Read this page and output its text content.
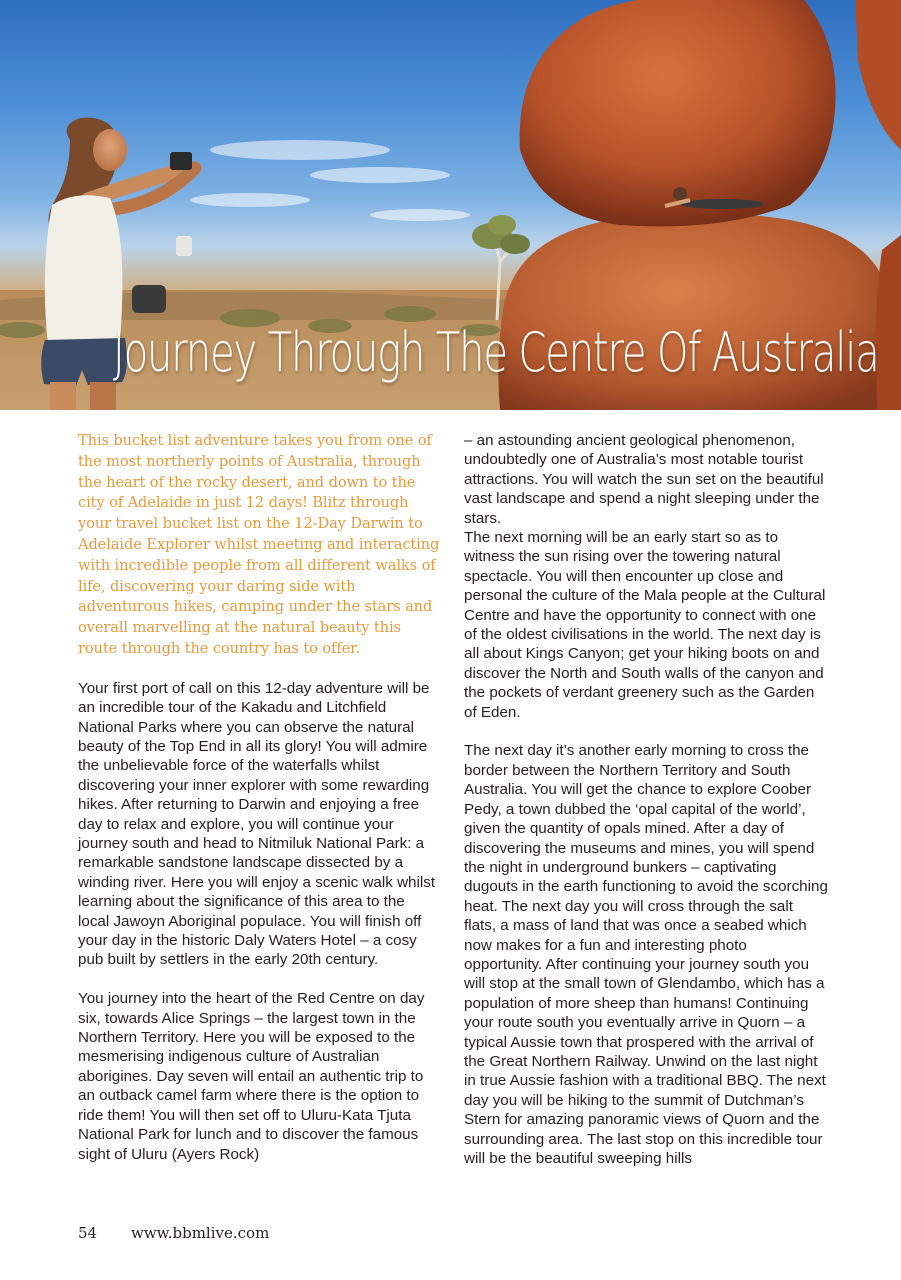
Journey Through The Centre Of Australia

This bucket list adventure takes you from one of the most northerly points of Australia, through the heart of the rocky desert, and down to the city of Adelaide in just 12 days! Blitz through your travel bucket list on the 12-Day Darwin to Adelaide Explorer whilst meeting and interacting with incredible people from all different walks of life, discovering your daring side with adventurous hikes, camping under the stars and overall marvelling at the natural beauty this route through the country has to offer.

Your first port of call on this 12-day adventure will be an incredible tour of the Kakadu and Litchfield National Parks where you can observe the natural beauty of the Top End in all its glory! You will admire the unbelievable force of the waterfalls whilst discovering your inner explorer with some rewarding hikes. After returning to Darwin and enjoying a free day to relax and explore, you will continue your journey south and head to Nitmiluk National Park: a remarkable sandstone landscape dissected by a winding river. Here you will enjoy a scenic walk whilst learning about the significance of this area to the local Jawoyn Aboriginal populace. You will finish off your day in the historic Daly Waters Hotel – a cosy pub built by settlers in the early 20th century.

You journey into the heart of the Red Centre on day six, towards Alice Springs – the largest town in the Northern Territory. Here you will be exposed to the mesmerising indigenous culture of Australian aborigines. Day seven will entail an authentic trip to an outback camel farm where there is the option to ride them! You will then set off to Uluru-Kata Tjuta National Park for lunch and to discover the famous sight of Uluru (Ayers Rock)

– an astounding ancient geological phenomenon, undoubtedly one of Australia’s most notable tourist attractions. You will watch the sun set on the beautiful vast landscape and spend a night sleeping under the stars.

The next morning will be an early start so as to witness the sun rising over the towering natural spectacle. You will then encounter up close and personal the culture of the Mala people at the Cultural Centre and have the opportunity to connect with one of the oldest civilisations in the world. The next day is all about Kings Canyon; get your hiking boots on and discover the North and South walls of the canyon and the pockets of verdant greenery such as the Garden of Eden.

The next day it’s another early morning to cross the border between the Northern Territory and South Australia. You will get the chance to explore Coober Pedy, a town dubbed the ‘opal capital of the world’, given the quantity of opals mined. After a day of discovering the museums and mines, you will spend the night in underground bunkers – captivating dugouts in the earth functioning to avoid the scorching heat. The next day you will cross through the salt flats, a mass of land that was once a seabed which now makes for a fun and interesting photo opportunity. After continuing your journey south you will stop at the small town of Glendambo, which has a population of more sheep than humans! Continuing your route south you eventually arrive in Quorn – a typical Aussie town that prospered with the arrival of the Great Northern Railway. Unwind on the last night in true Aussie fashion with a traditional BBQ. The next day you will be hiking to the summit of Dutchman’s Stern for amazing panoramic views of Quorn and the surrounding area. The last stop on this incredible tour will be the beautiful sweeping hills

54 www.bbmlive.com
